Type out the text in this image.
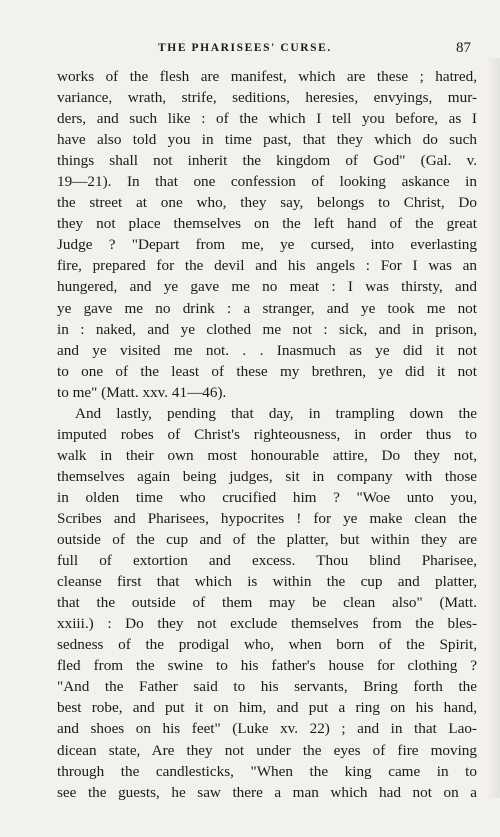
THE PHARISEES' CURSE.	87
works of the flesh are manifest, which are these ; hatred,
variance, wrath, strife, seditions, heresies, envyings, mur-
ders, and such like : of the which I tell you before, as I
have also told you in time past, that they which do such
things shall not inherit the kingdom of God" (Gal. v.
19—21). In that one confession of looking askance in
the street at one who, they say, belongs to Christ, Do
they not place themselves on the left hand of the great
Judge ? "Depart from me, ye cursed, into everlasting
fire, prepared for the devil and his angels : For I was an
hungered, and ye gave me no meat : I was thirsty, and
ye gave me no drink : a stranger, and ye took me not
in : naked, and ye clothed me not : sick, and in prison,
and ye visited me not. . . Inasmuch as ye did it not
to one of the least of these my brethren, ye did it not
to me" (Matt. xxv. 41—46).
And lastly, pending that day, in trampling down the
imputed robes of Christ's righteousness, in order thus to
walk in their own most honourable attire, Do they not,
themselves again being judges, sit in company with those
in olden time who crucified him ? "Woe unto you,
Scribes and Pharisees, hypocrites ! for ye make clean the
outside of the cup and of the platter, but within they are
full of extortion and excess. Thou blind Pharisee,
cleanse first that which is within the cup and platter,
that the outside of them may be clean also" (Matt.
xxiii.) : Do they not exclude themselves from the bles-
sedness of the prodigal who, when born of the Spirit,
fled from the swine to his father's house for clothing ?
"And the Father said to his servants, Bring forth the
best robe, and put it on him, and put a ring on his hand,
and shoes on his feet" (Luke xv. 22) ; and in that Lao-
dicean state, Are they not under the eyes of fire moving
through the candlesticks, "When the king came in to
see the guests, he saw there a man which had not on a
